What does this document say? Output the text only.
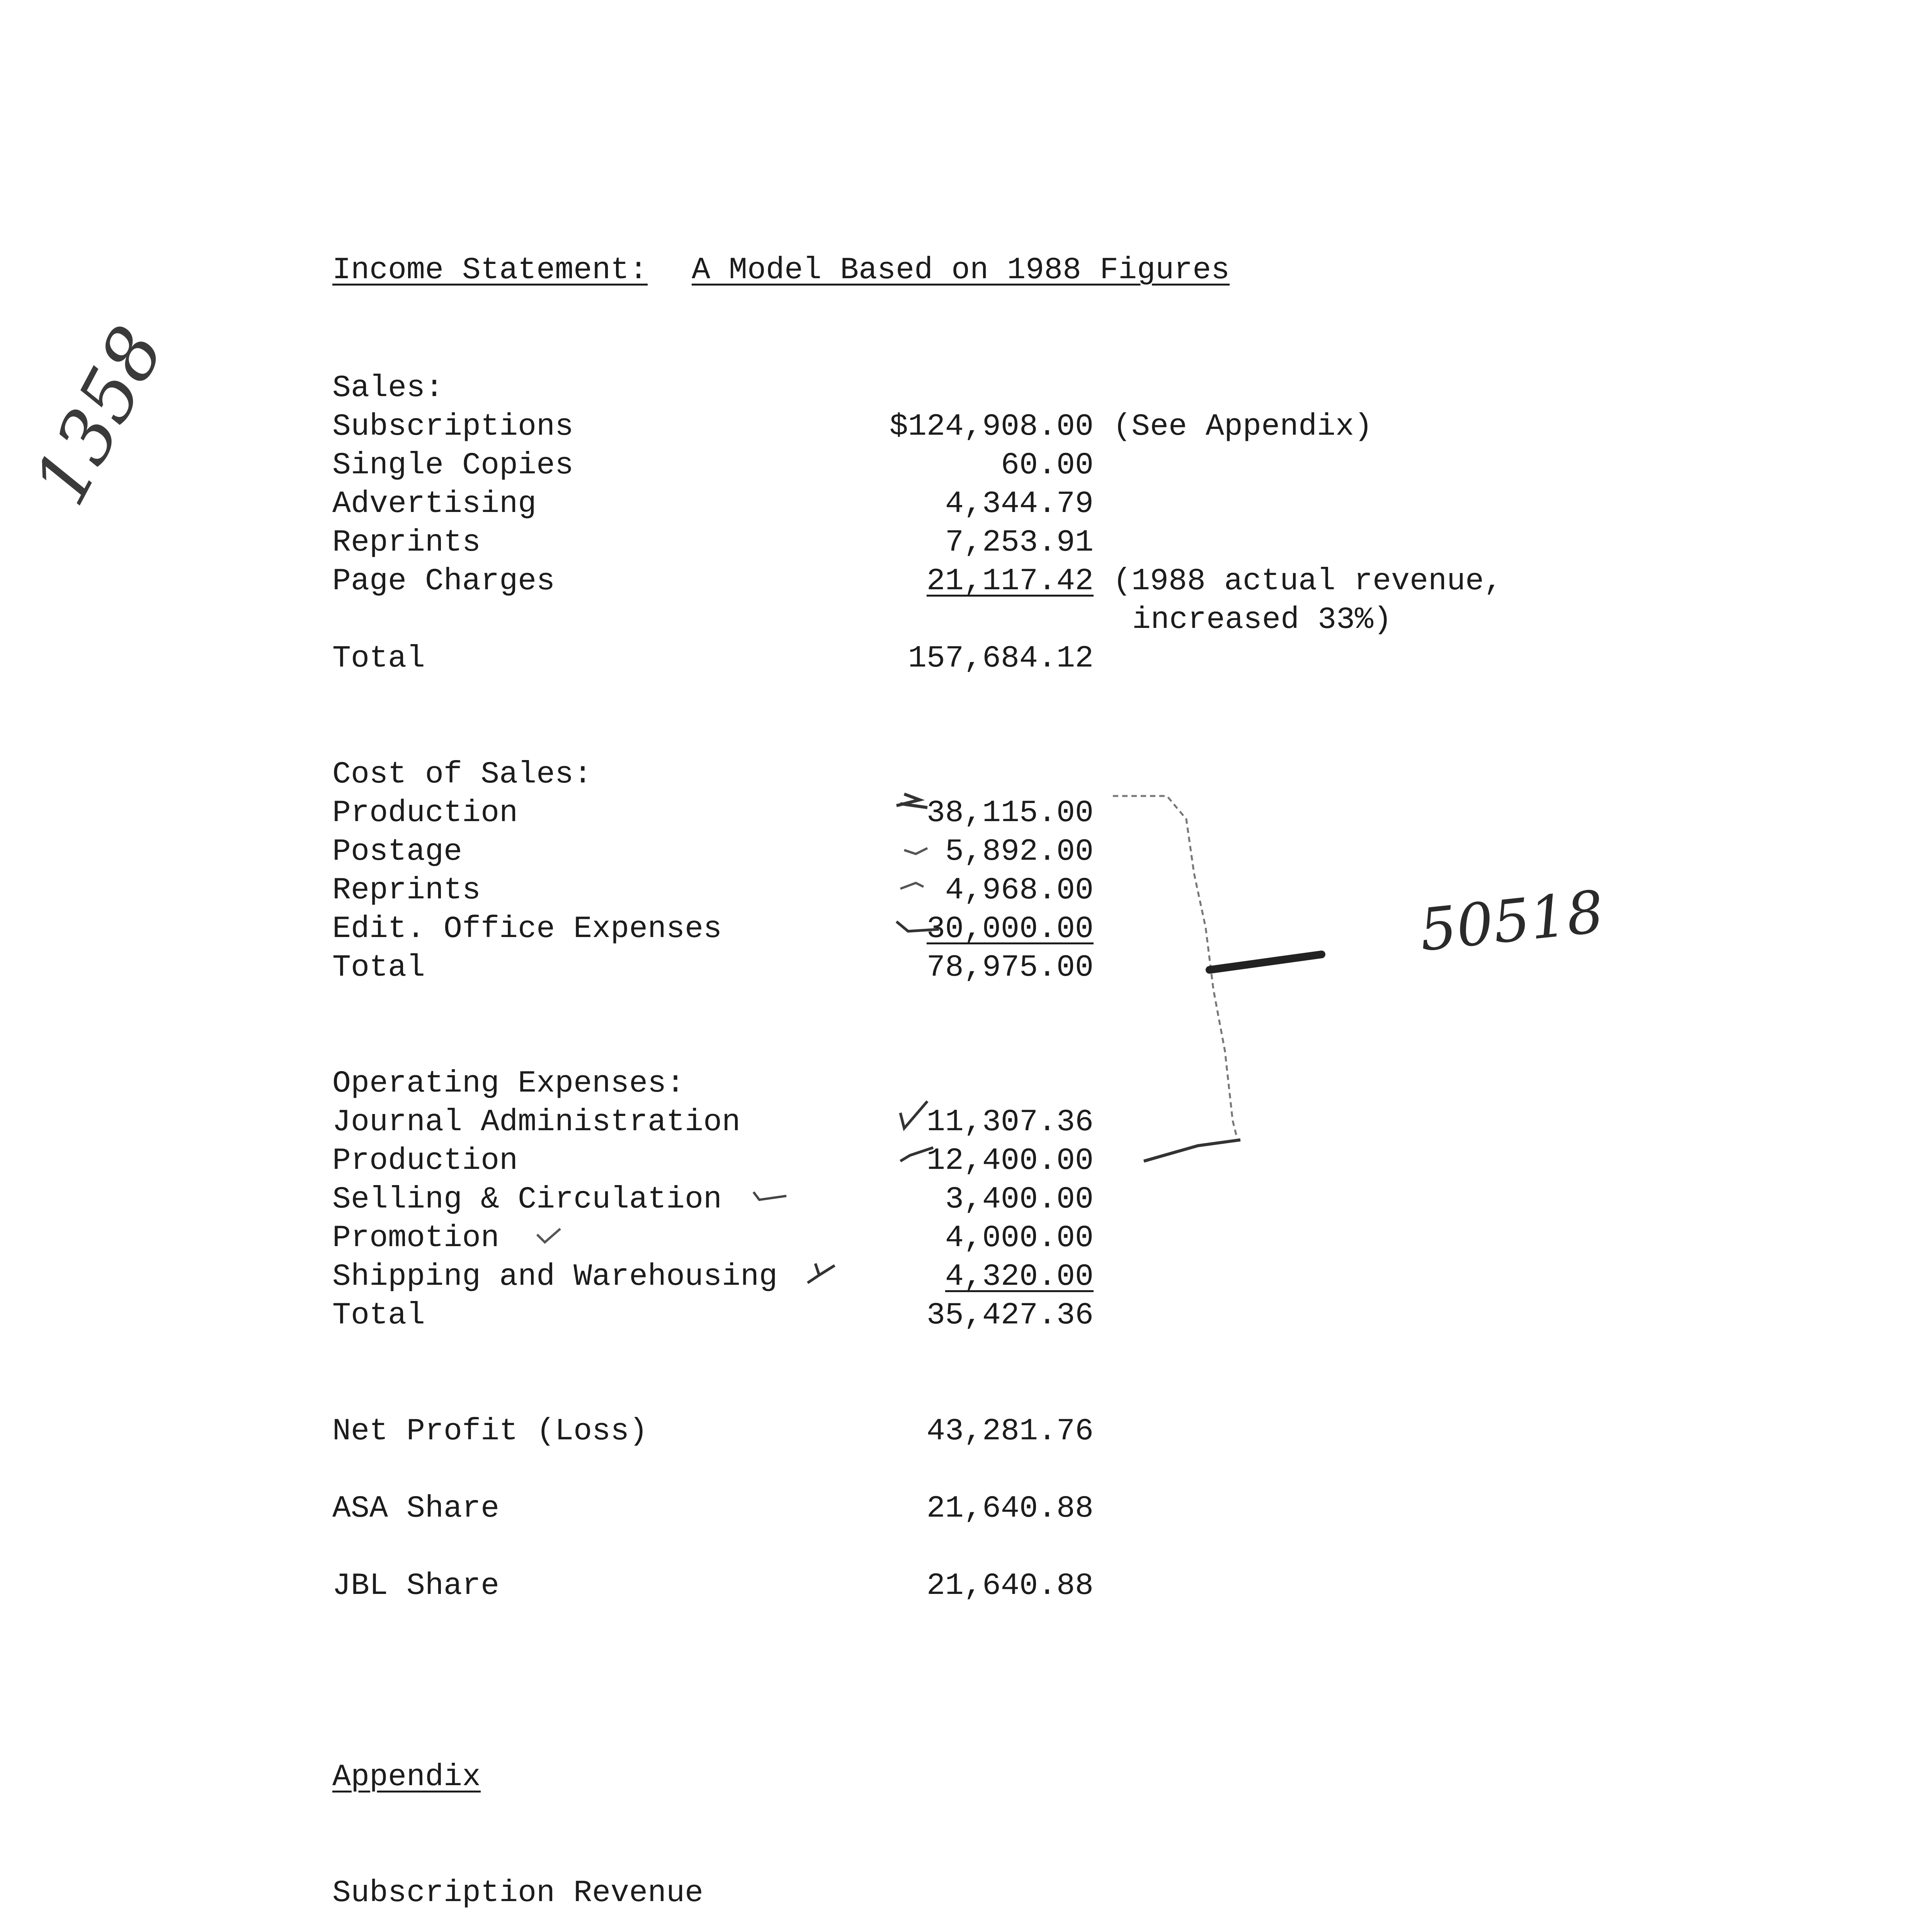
Income Statement: A Model Based on 1988 Figures
Sales:
Subscriptions	$124,908.00 (See Appendix)
Single Copies	60.00
Advertising	4,344.79
Reprints	7,253.91
Page Charges	21,117.42 (1988 actual revenue,
increased 33%)
Total	157,684.12
Cost of Sales:
Production	38,115.00
Postage	5,892.00
Reprints	4,968.00
Edit. Office Expenses	30,000.00
Total	78,975.00
Operating Expenses:
Journal Administration	11,307.36
Production	12,400.00
Selling & Circulation	3,400.00
Promotion	4,000.00
Shipping and Warehousing	4,320.00
Total	35,427.36
Net Profit (Loss)	43,281.76
ASA Share	21,640.88
JBL Share	21,640.88
Appendix
Subscription Revenue
1358
50518
